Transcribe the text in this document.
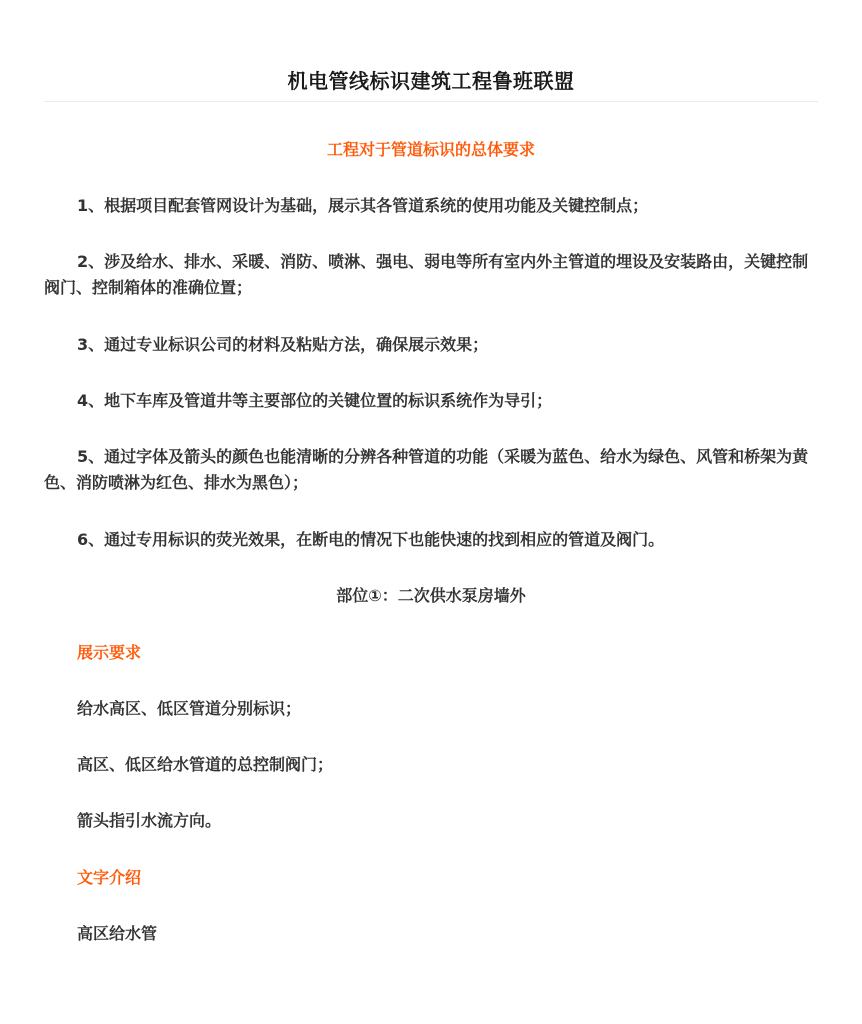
机电管线标识建筑工程鲁班联盟
工程对于管道标识的总体要求
1、根据项目配套管网设计为基础，展示其各管道系统的使用功能及关键控制点；
2、涉及给水、排水、采暖、消防、喷淋、强电、弱电等所有室内外主管道的埋设及安装路由，关键控制阀门、控制箱体的准确位置；
3、通过专业标识公司的材料及粘贴方法，确保展示效果；
4、地下车库及管道井等主要部位的关键位置的标识系统作为导引；
5、通过字体及箭头的颜色也能清晰的分辨各种管道的功能（采暖为蓝色、给水为绿色、风管和桥架为黄色、消防喷淋为红色、排水为黑色）；
6、通过专用标识的荧光效果，在断电的情况下也能快速的找到相应的管道及阀门。
部位①：二次供水泵房墙外
展示要求
给水高区、低区管道分别标识；
高区、低区给水管道的总控制阀门；
箭头指引水流方向。
文字介绍
高区给水管
